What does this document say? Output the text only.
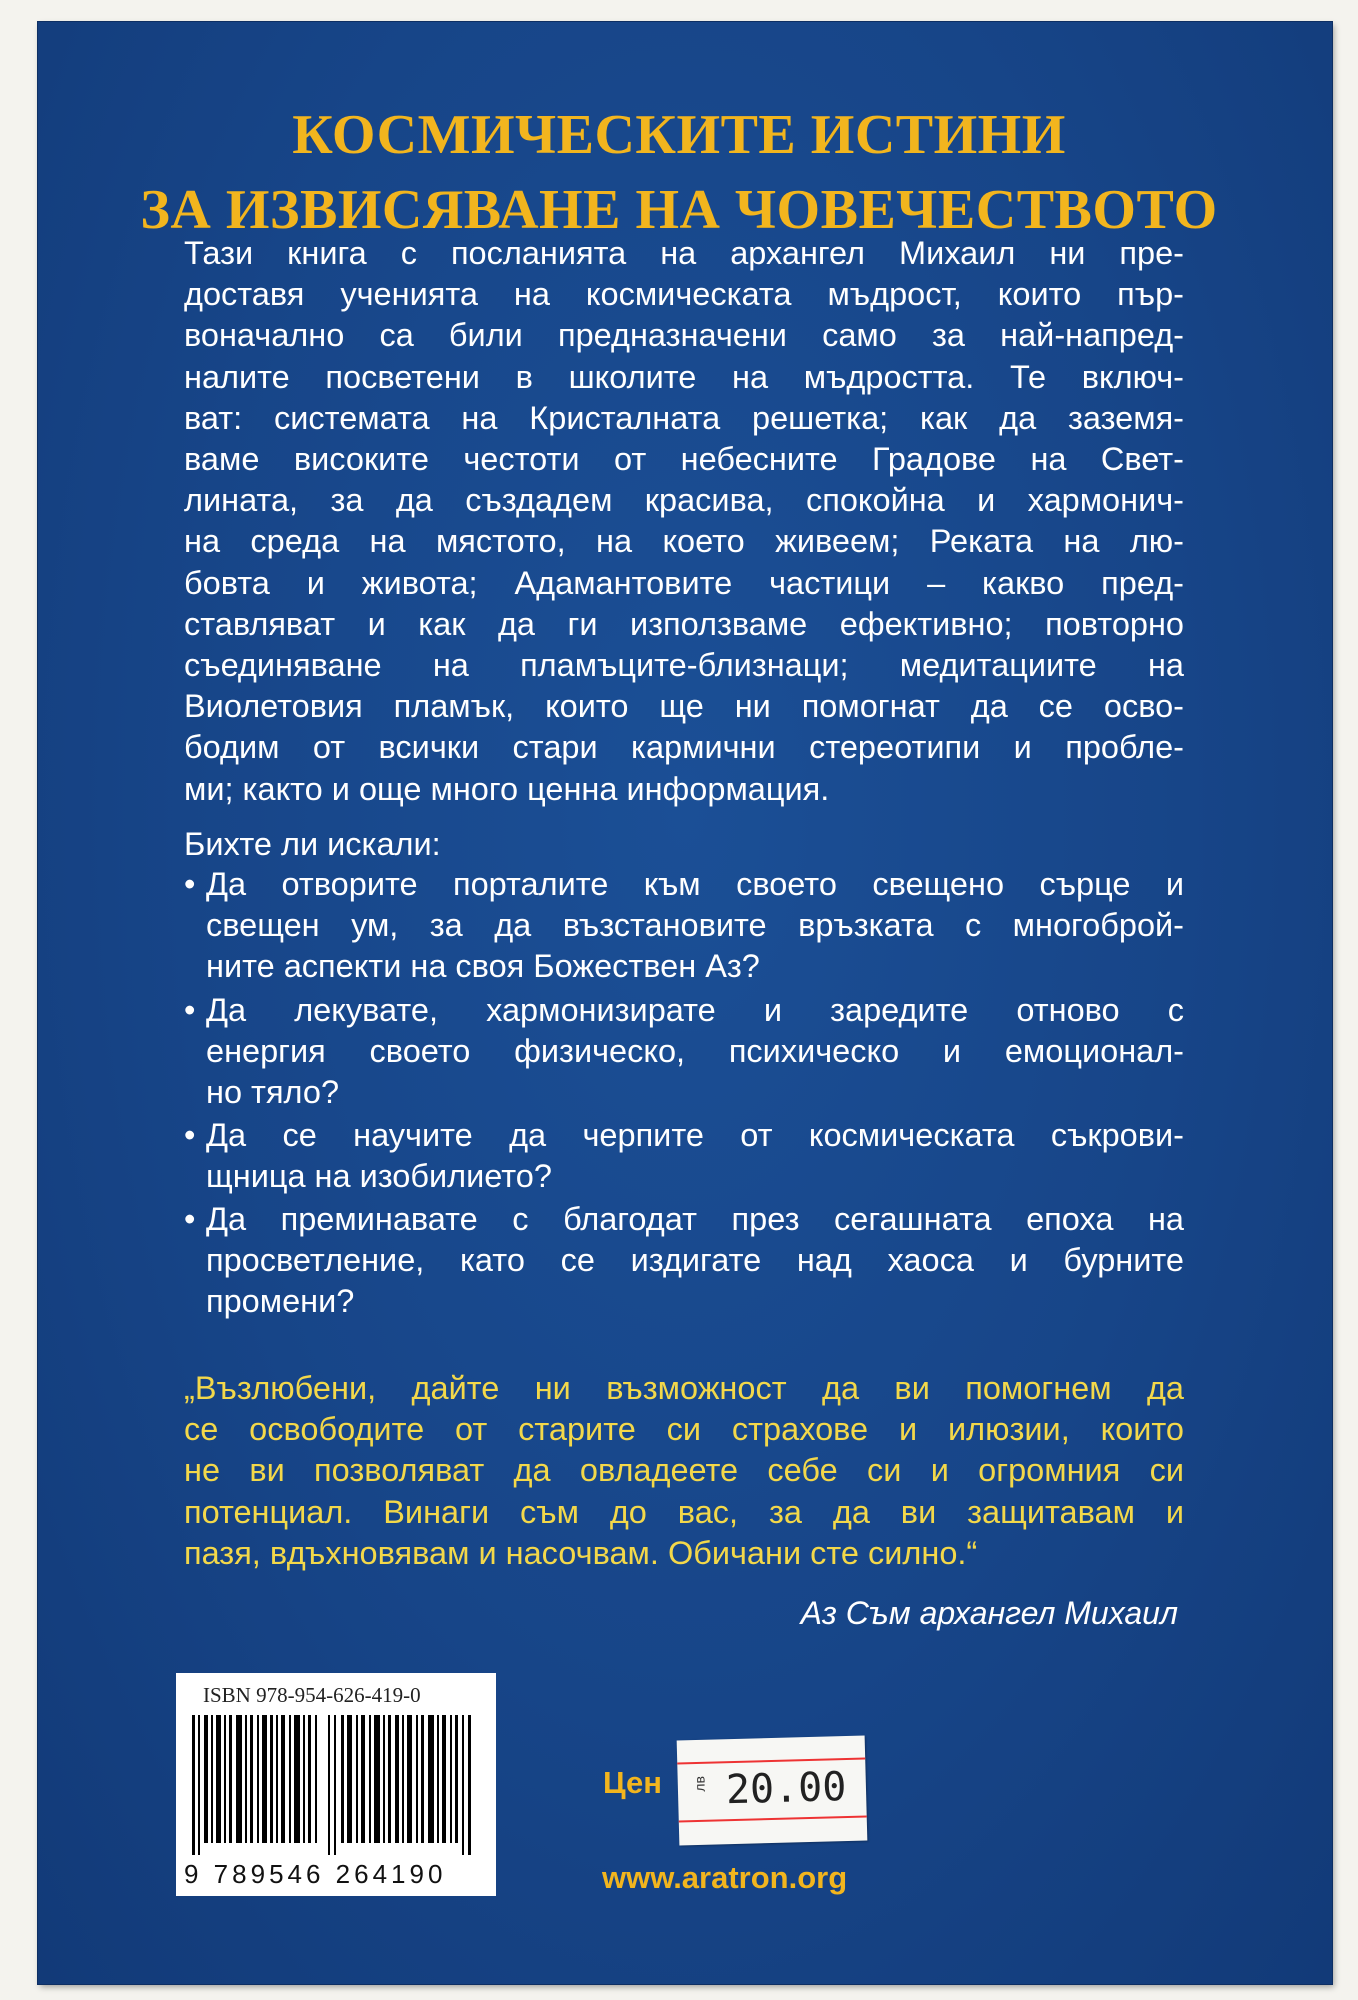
КОСМИЧЕСКИТЕ ИСТИНИ
ЗА ИЗВИСЯВАНЕ НА ЧОВЕЧЕСТВОТО
Тази книга с посланията на архангел Михаил ни пре-
доставя ученията на космическата мъдрост, които пър-
воначално са били предназначени само за най-напред-
налите посветени в школите на мъдростта. Те включ-
ват: системата на Кристалната решетка; как да заземя-
ваме високите честоти от небесните Градове на Свет-
лината, за да създадем красива, спокойна и хармонич-
на среда на мястото, на което живеем; Реката на лю-
бовта и живота; Адамантовите частици – какво пред-
ставляват и как да ги използваме ефективно; повторно
съединяване на пламъците-близнаци; медитациите на
Виолетовия пламък, които ще ни помогнат да се осво-
бодим от всички стари кармични стереотипи и пробле-
ми; както и още много ценна информация.
Бихте ли искали:
• Да отворите порталите към своето свещено сърце и
свещен ум, за да възстановите връзката с многоброй-
ните аспекти на своя Божествен Аз?
• Да лекувате, хармонизирате и заредите отново с
енергия своето физическо, психическо и емоционал-
но тяло?
• Да се научите да черпите от космическата съкрови-
щница на изобилието?
• Да преминавате с благодат през сегашната епоха на
просветление, като се издигате над хаоса и бурните
промени?
„Възлюбени, дайте ни възможност да ви помогнем да
се освободите от старите си страхове и илюзии, които
не ви позволяват да овладеете себе си и огромния си
потенциал. Винаги съм до вас, за да ви защитавам и
пазя, вдъхновявам и насочвам. Обичани сте силно.“
Аз Съм архангел Михаил
ISBN 978-954-626-419-0
9 789546 264190
Цен лв 20.00
www.aratron.org
